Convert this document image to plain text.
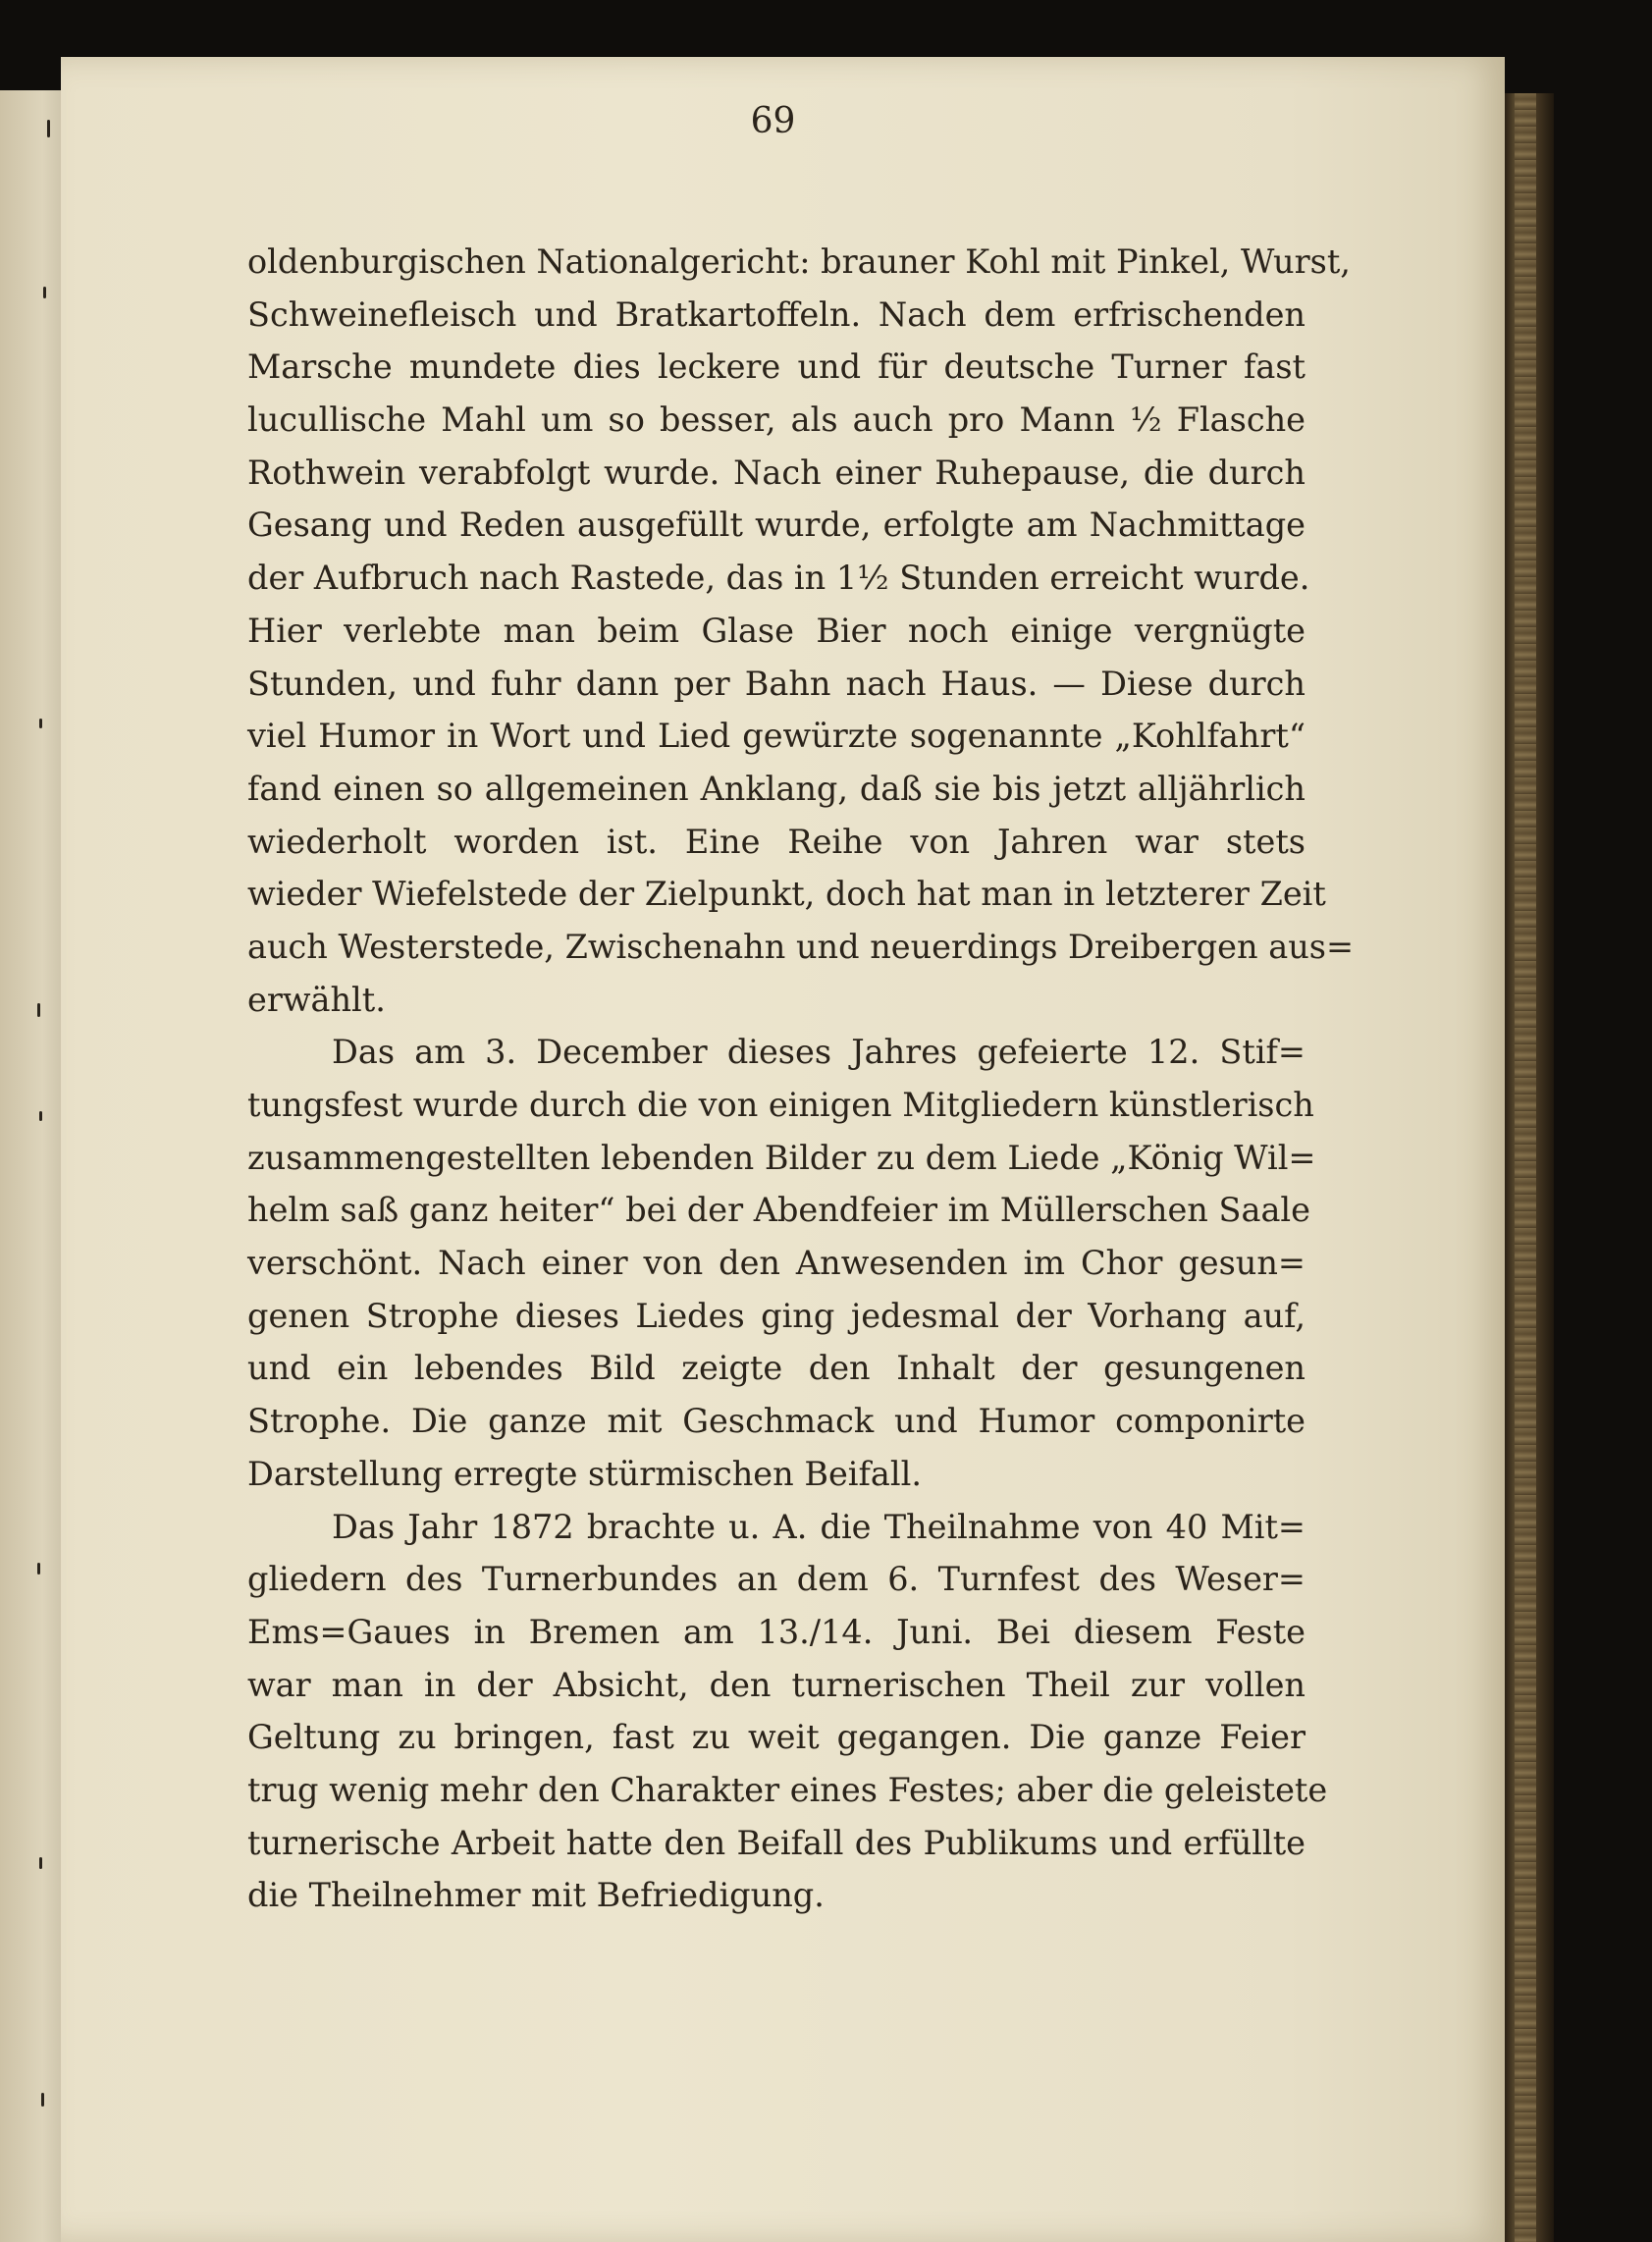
69
oldenburgischen Nationalgericht: brauner Kohl mit Pinkel, Wurst,
Schweinefleisch und Bratkartoffeln. Nach dem erfrischenden
Marsche mundete dies leckere und für deutsche Turner fast
lucullische Mahl um so besser, als auch pro Mann ½ Flasche
Rothwein verabfolgt wurde. Nach einer Ruhepause, die durch
Gesang und Reden ausgefüllt wurde, erfolgte am Nachmittage
der Aufbruch nach Rastede, das in 1½ Stunden erreicht wurde.
Hier verlebte man beim Glase Bier noch einige vergnügte
Stunden, und fuhr dann per Bahn nach Haus. — Diese durch
viel Humor in Wort und Lied gewürzte sogenannte „Kohlfahrt“
fand einen so allgemeinen Anklang, daß sie bis jetzt alljährlich
wiederholt worden ist. Eine Reihe von Jahren war stets
wieder Wiefelstede der Zielpunkt, doch hat man in letzterer Zeit
auch Westerstede, Zwischenahn und neuerdings Dreibergen aus=
erwählt.
Das am 3. December dieses Jahres gefeierte 12. Stif=
tungsfest wurde durch die von einigen Mitgliedern künstlerisch
zusammengestellten lebenden Bilder zu dem Liede „König Wil=
helm saß ganz heiter“ bei der Abendfeier im Müllerschen Saale
verschönt. Nach einer von den Anwesenden im Chor gesun=
genen Strophe dieses Liedes ging jedesmal der Vorhang auf,
und ein lebendes Bild zeigte den Inhalt der gesungenen
Strophe. Die ganze mit Geschmack und Humor componirte
Darstellung erregte stürmischen Beifall.
Das Jahr 1872 brachte u. A. die Theilnahme von 40 Mit=
gliedern des Turnerbundes an dem 6. Turnfest des Weser=
Ems=Gaues in Bremen am 13./14. Juni. Bei diesem Feste
war man in der Absicht, den turnerischen Theil zur vollen
Geltung zu bringen, fast zu weit gegangen. Die ganze Feier
trug wenig mehr den Charakter eines Festes; aber die geleistete
turnerische Arbeit hatte den Beifall des Publikums und erfüllte
die Theilnehmer mit Befriedigung.
